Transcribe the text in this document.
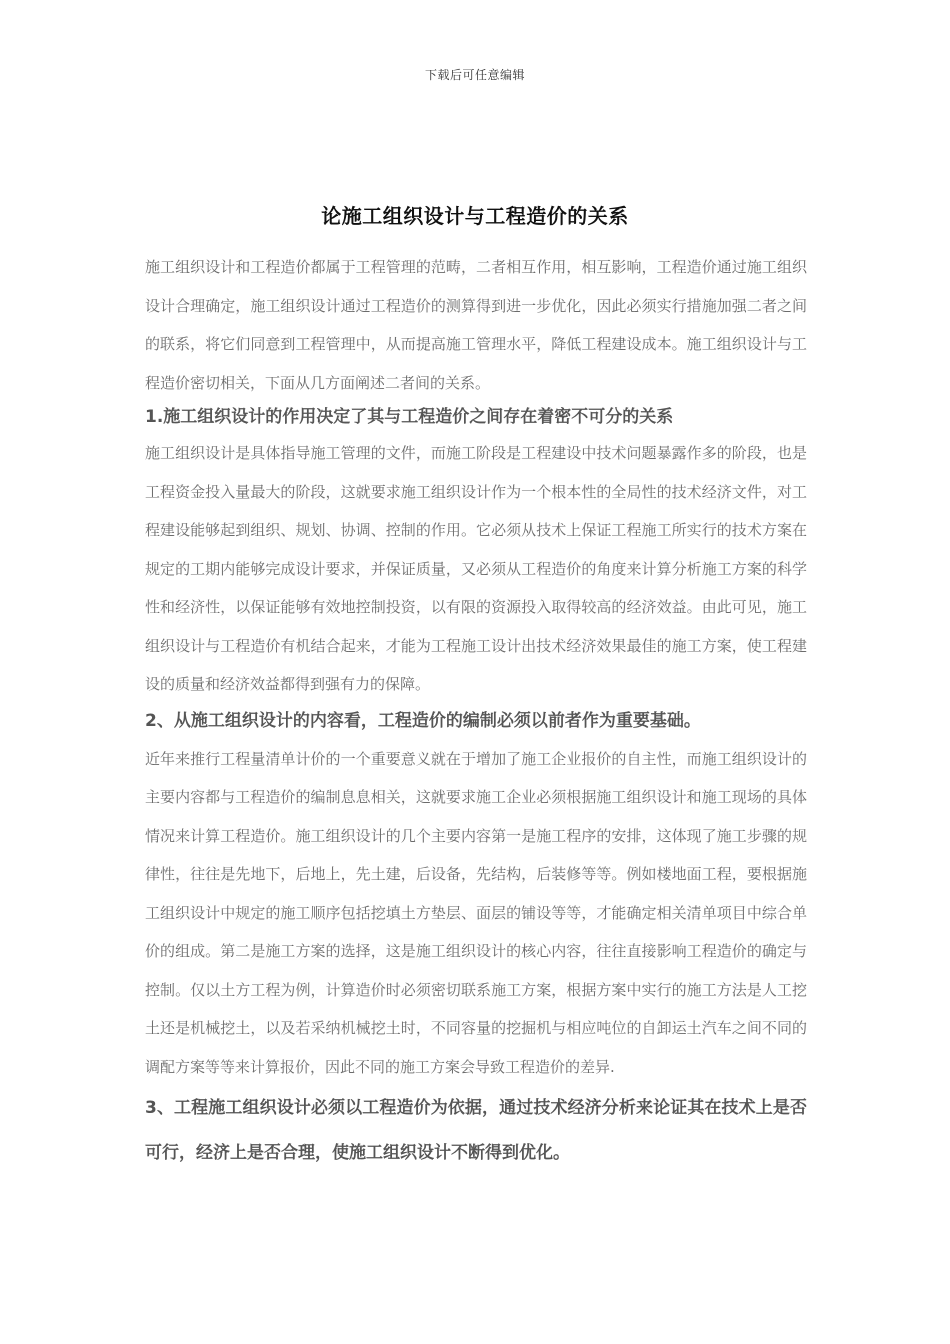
下载后可任意编辑
论施工组织设计与工程造价的关系

施工组织设计和工程造价都属于工程管理的范畴，二者相互作用，相互影响，工程造价通过施工组织设计合理确定，施工组织设计通过工程造价的测算得到进一步优化，因此必须实行措施加强二者之间的联系，将它们同意到工程管理中，从而提高施工管理水平，降低工程建设成本。施工组织设计与工程造价密切相关，下面从几方面阐述二者间的关系。

1.施工组织设计的作用决定了其与工程造价之间存在着密不可分的关系

施工组织设计是具体指导施工管理的文件，而施工阶段是工程建设中技术问题暴露作多的阶段，也是工程资金投入量最大的阶段，这就要求施工组织设计作为一个根本性的全局性的技术经济文件，对工程建设能够起到组织、规划、协调、控制的作用。它必须从技术上保证工程施工所实行的技术方案在规定的工期内能够完成设计要求，并保证质量，又必须从工程造价的角度来计算分析施工方案的科学性和经济性，以保证能够有效地控制投资，以有限的资源投入取得较高的经济效益。由此可见，施工组织设计与工程造价有机结合起来，才能为工程施工设计出技术经济效果最佳的施工方案，使工程建设的质量和经济效益都得到强有力的保障。

2、从施工组织设计的内容看，工程造价的编制必须以前者作为重要基础。

近年来推行工程量清单计价的一个重要意义就在于增加了施工企业报价的自主性，而施工组织设计的主要内容都与工程造价的编制息息相关，这就要求施工企业必须根据施工组织设计和施工现场的具体情况来计算工程造价。施工组织设计的几个主要内容第一是施工程序的安排，这体现了施工步骤的规律性，往往是先地下，后地上，先土建，后设备，先结构，后装修等等。例如楼地面工程，要根据施工组织设计中规定的施工顺序包括挖填土方垫层、面层的铺设等等，才能确定相关清单项目中综合单价的组成。第二是施工方案的选择，这是施工组织设计的核心内容，往往直接影响工程造价的确定与控制。仅以土方工程为例，计算造价时必须密切联系施工方案，根据方案中实行的施工方法是人工挖土还是机械挖土，以及若采纳机械挖土时，不同容量的挖掘机与相应吨位的自卸运土汽车之间不同的调配方案等等来计算报价，因此不同的施工方案会导致工程造价的差异.

3、工程施工组织设计必须以工程造价为依据，通过技术经济分析来论证其在技术上是否可行，经济上是否合理，使施工组织设计不断得到优化。
